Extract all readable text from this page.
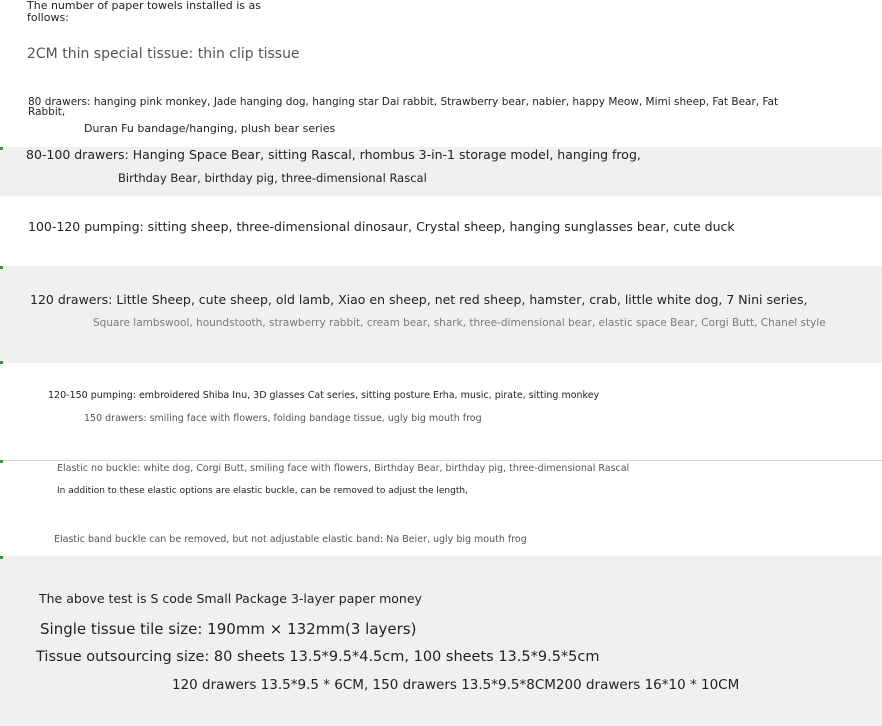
The number of paper towels installed is as follows:
2CM thin special tissue: thin clip tissue
80 drawers: hanging pink monkey, Jade hanging dog, hanging star Dai rabbit, Strawberry bear, nabier, happy Meow, Mimi sheep, Fat Bear, Fat Rabbit,
Duran Fu bandage/hanging, plush bear series
80-100 drawers: Hanging Space Bear, sitting Rascal, rhombus 3-in-1 storage model, hanging frog,
Birthday Bear, birthday pig, three-dimensional Rascal
100-120 pumping: sitting sheep, three-dimensional dinosaur, Crystal sheep, hanging sunglasses bear, cute duck
120 drawers: Little Sheep, cute sheep, old lamb, Xiao en sheep, net red sheep, hamster, crab, little white dog, 7 Nini series,
Square lambswool, houndstooth, strawberry rabbit, cream bear, shark, three-dimensional bear, elastic space Bear, Corgi Butt, Chanel style
120-150 pumping: embroidered Shiba Inu, 3D glasses Cat series, sitting posture Erha, music, pirate, sitting monkey
150 drawers: smiling face with flowers, folding bandage tissue, ugly big mouth frog
Elastic no buckle: white dog, Corgi Butt, smiling face with flowers, Birthday Bear, birthday pig, three-dimensional Rascal
In addition to these elastic options are elastic buckle, can be removed to adjust the length,
Elastic band buckle can be removed, but not adjustable elastic band: Na Beier, ugly big mouth frog
The above test is S code Small Package 3-layer paper money
Single tissue tile size: 190mm × 132mm(3 layers)
Tissue outsourcing size: 80 sheets 13.5*9.5*4.5cm, 100 sheets 13.5*9.5*5cm
120 drawers 13.5*9.5 * 6CM, 150 drawers 13.5*9.5*8CM200 drawers 16*10 * 10CM
